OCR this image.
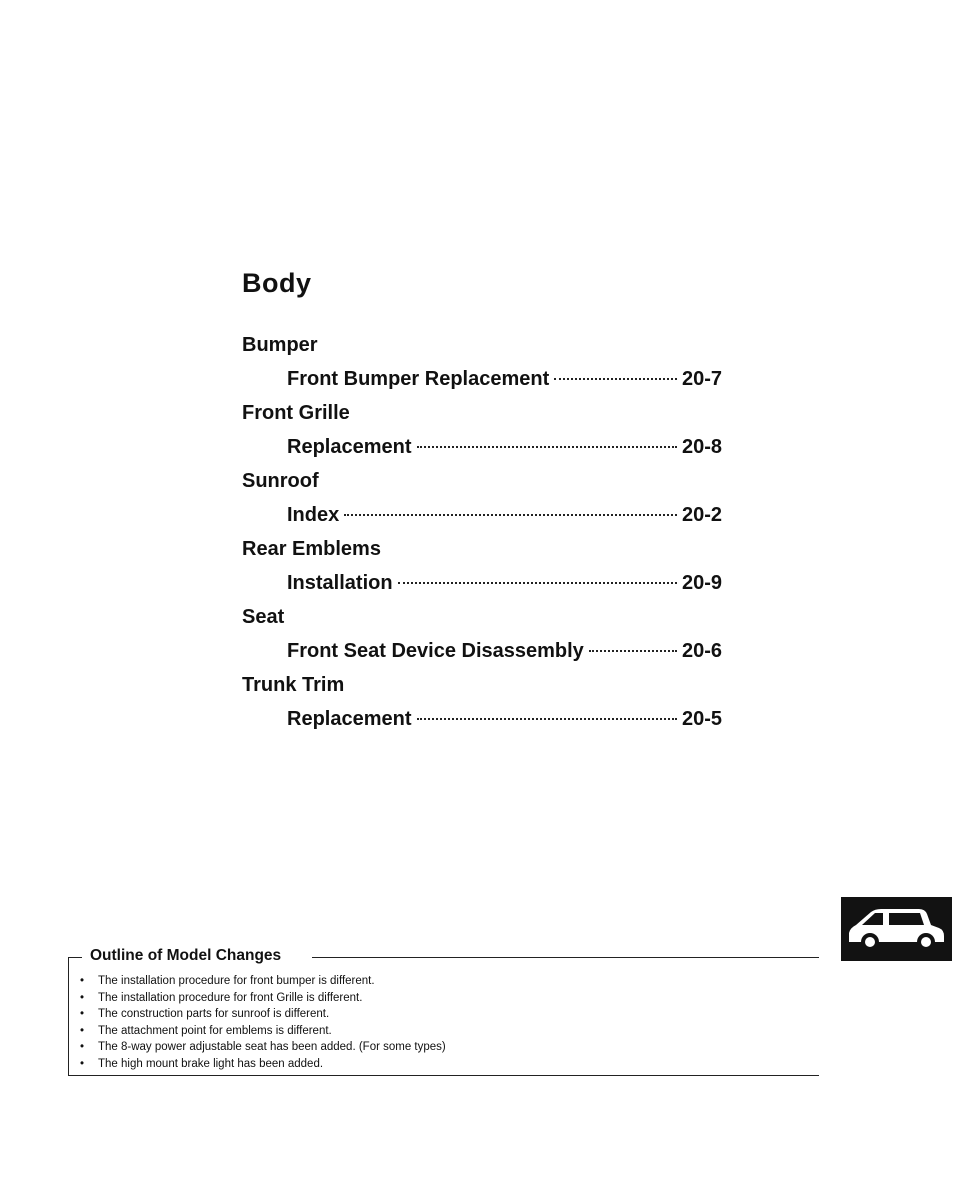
Body
Bumper
Front Bumper Replacement	20-7
Front Grille
Replacement	20-8
Sunroof
Index	20-2
Rear Emblems
Installation	20-9
Seat
Front Seat Device Disassembly	20-6
Trunk Trim
Replacement	20-5
Outline of Model Changes
•	The installation procedure for front bumper is different.
•	The installation procedure for front Grille is different.
•	The construction parts for sunroof is different.
•	The attachment point for emblems is different.
•	The 8-way power adjustable seat has been added. (For some types)
•	The high mount brake light has been added.
